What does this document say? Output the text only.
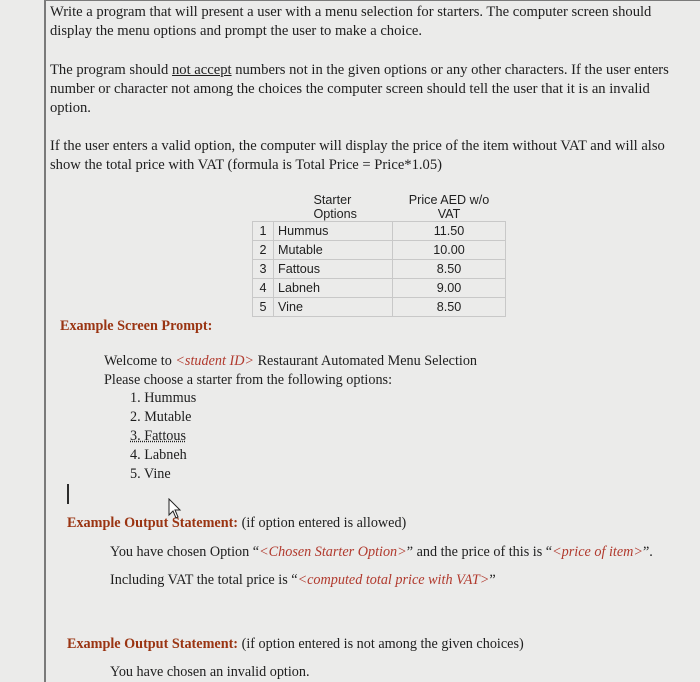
Write a program that will present a user with a menu selection for starters. The computer screen should
display the menu options and prompt the user to make a choice.
The program should not accept numbers not in the given options or any other characters. If the user enters
number or character not among the choices the computer screen should tell the user that it is an invalid
option.
If the user enters a valid option, the computer will display the price of the item without VAT and will also
show the total price with VAT (formula is Total Price = Price*1.05)
	Starter Options	Price AED w/o VAT
1	Hummus	11.50
2	Mutable	10.00
3	Fattous	8.50
4	Labneh	9.00
5	Vine	8.50
Example Screen Prompt:
Welcome to <student ID> Restaurant Automated Menu Selection
Please choose a starter from the following options:
1. Hummus
2. Mutable
3. Fattous
4. Labneh
5. Vine
Example Output Statement: (if option entered is allowed)
You have chosen Option “<Chosen Starter Option>” and the price of this is “<price of item>”.
Including VAT the total price is “<computed total price with VAT>”
Example Output Statement: (if option entered is not among the given choices)
You have chosen an invalid option.
